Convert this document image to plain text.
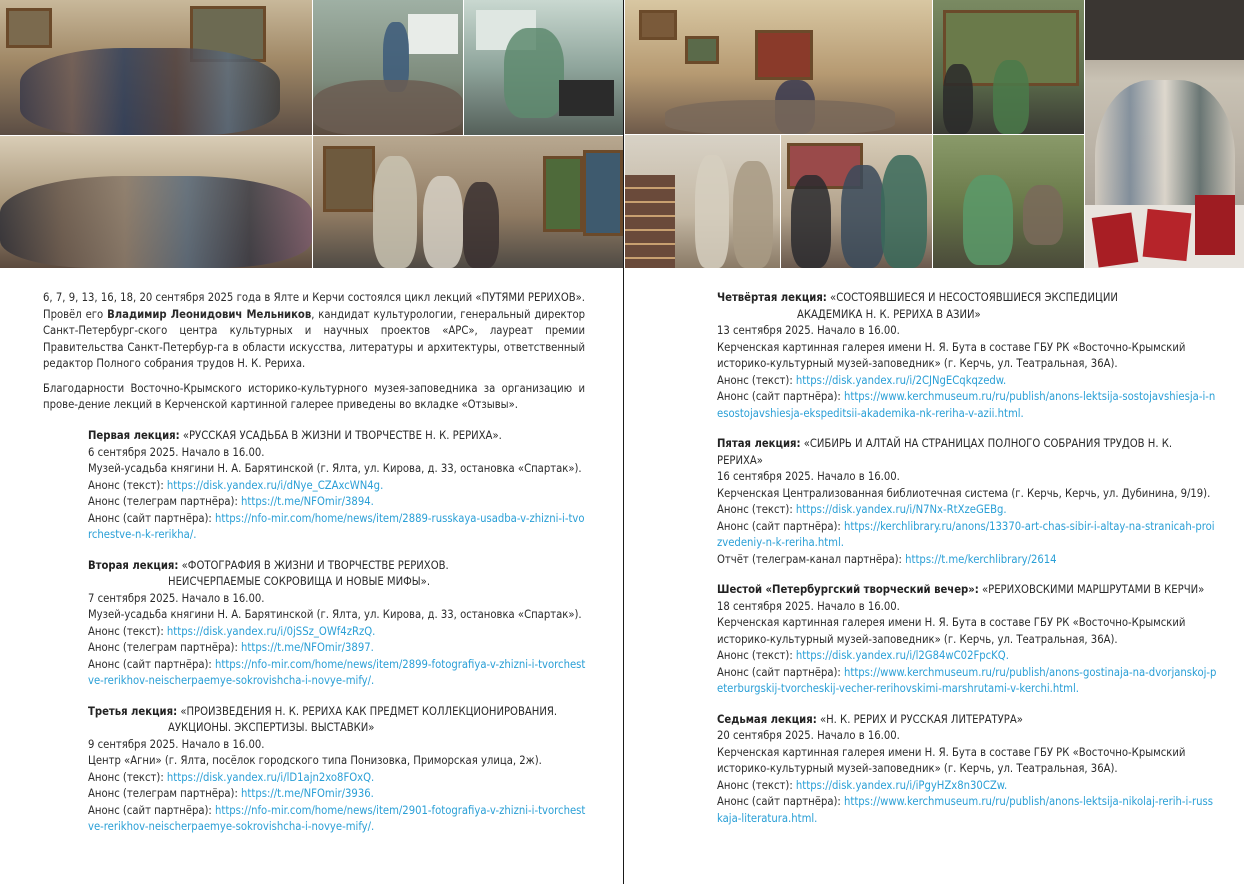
6, 7, 9, 13, 16, 18, 20 сентября 2025 года в Ялте и Керчи состоялся цикл лекций «ПУТЯМИ РЕРИХОВ». Провёл его Владимир Леонидович Мельников, кандидат культурологии, генеральный директор Санкт-Петербург-ского центра культурных и научных проектов «АРС», лауреат премии Правительства Санкт-Петербур-га в области искусства, литературы и архитектуры, ответственный редактор Полного собрания трудов Н. К. Рериха.

Благодарности Восточно-Крымского историко-культурного музея-заповедника за организацию и прове-дение лекций в Керченской картинной галерее приведены во вкладке «Отзывы».

Первая лекция: «РУССКАЯ УСАДЬБА В ЖИЗНИ И ТВОРЧЕСТВЕ Н. К. РЕРИХА».
6 сентября 2025. Начало в 16.00.
Музей-усадьба княгини Н. А. Барятинской (г. Ялта, ул. Кирова, д. 33, остановка «Спартак»).
Анонс (текст): https://disk.yandex.ru/i/dNye_CZAxcWN4g.
Анонс (телеграм партнёра): https://t.me/NFOmir/3894.
Анонс (сайт партнёра): https://nfo-mir.com/home/news/item/2889-russkaya-usadba-v-zhizni-i-tvorchestve-n-k-rerikha/.
Вторая лекция: «ФОТОГРАФИЯ В ЖИЗНИ И ТВОРЧЕСТВЕ РЕРИХОВ.
НЕИСЧЕРПАЕМЫЕ СОКРОВИЩА И НОВЫЕ МИФЫ».
7 сентября 2025. Начало в 16.00.
Музей-усадьба княгини Н. А. Барятинской (г. Ялта, ул. Кирова, д. 33, остановка «Спартак»).
Анонс (текст): https://disk.yandex.ru/i/0jSSz_OWf4zRzQ.
Анонс (телеграм партнёра): https://t.me/NFOmir/3897.
Анонс (сайт партнёра): https://nfo-mir.com/home/news/item/2899-fotografiya-v-zhizni-i-tvorchestve-rerikhov-neischerpaemye-sokrovishcha-i-novye-mify/.
Третья лекция: «ПРОИЗВЕДЕНИЯ Н. К. РЕРИХА КАК ПРЕДМЕТ КОЛЛЕКЦИОНИРОВАНИЯ.
АУКЦИОНЫ. ЭКСПЕРТИЗЫ. ВЫСТАВКИ»
9 сентября 2025. Начало в 16.00.
Центр «Агни» (г. Ялта, посёлок городского типа Понизовка, Приморская улица, 2ж).
Анонс (текст): https://disk.yandex.ru/i/lD1ajn2xo8FOxQ.
Анонс (телеграм партнёра): https://t.me/NFOmir/3936.
Анонс (сайт партнёра): https://nfo-mir.com/home/news/item/2901-fotografiya-v-zhizni-i-tvorchestve-rerikhov-neischerpaemye-sokrovishcha-i-novye-mify/.
Четвёртая лекция: «СОСТОЯВШИЕСЯ И НЕСОСТОЯВШИЕСЯ ЭКСПЕДИЦИИ
АКАДЕМИКА Н. К. РЕРИХА В АЗИИ»
13 сентября 2025. Начало в 16.00.
Керченская картинная галерея имени Н. Я. Бута в составе ГБУ РК «Восточно-Крымский историко-культурный музей-заповедник» (г. Керчь, ул. Театральная, 36А).
Анонс (текст): https://disk.yandex.ru/i/2CJNgECqkqzedw.
Анонс (сайт партнёра): https://www.kerchmuseum.ru/ru/publish/anons-lektsija-sostojavshiesja-i-nesostojavshiesja-ekspeditsii-akademika-nk-reriha-v-azii.html.
Пятая лекция: «СИБИРЬ И АЛТАЙ НА СТРАНИЦАХ ПОЛНОГО СОБРАНИЯ ТРУДОВ Н. К. РЕРИХА»
16 сентября 2025. Начало в 16.00.
Керченская Централизованная библиотечная система (г. Керчь, Керчь, ул. Дубинина, 9/19).
Анонс (текст): https://disk.yandex.ru/i/N7Nx-RtXzeGEBg.
Анонс (сайт партнёра): https://kerchlibrary.ru/anons/13370-art-chas-sibir-i-altay-na-stranicah-proizvedeniy-n-k-reriha.html.
Отчёт (телеграм-канал партнёра): https://t.me/kerchlibrary/2614
Шестой «Петербургский творческий вечер»: «РЕРИХОВСКИМИ МАРШРУТАМИ В КЕРЧИ»
18 сентября 2025. Начало в 16.00.
Керченская картинная галерея имени Н. Я. Бута в составе ГБУ РК «Восточно-Крымский историко-культурный музей-заповедник» (г. Керчь, ул. Театральная, 36А).
Анонс (текст): https://disk.yandex.ru/i/l2G84wC02FpcKQ.
Анонс (сайт партнёра): https://www.kerchmuseum.ru/ru/publish/anons-gostinaja-na-dvorjanskoj-peterburgskij-tvorcheskij-vecher-rerihovskimi-marshrutami-v-kerchi.html.
Седьмая лекция: «Н. К. РЕРИХ И РУССКАЯ ЛИТЕРАТУРА»
20 сентября 2025. Начало в 16.00.
Керченская картинная галерея имени Н. Я. Бута в составе ГБУ РК «Восточно-Крымский историко-культурный музей-заповедник» (г. Керчь, ул. Театральная, 36А).
Анонс (текст): https://disk.yandex.ru/i/iPgyHZx8n30CZw.
Анонс (сайт партнёра): https://www.kerchmuseum.ru/ru/publish/anons-lektsija-nikolaj-rerih-i-russkaja-literatura.html.
